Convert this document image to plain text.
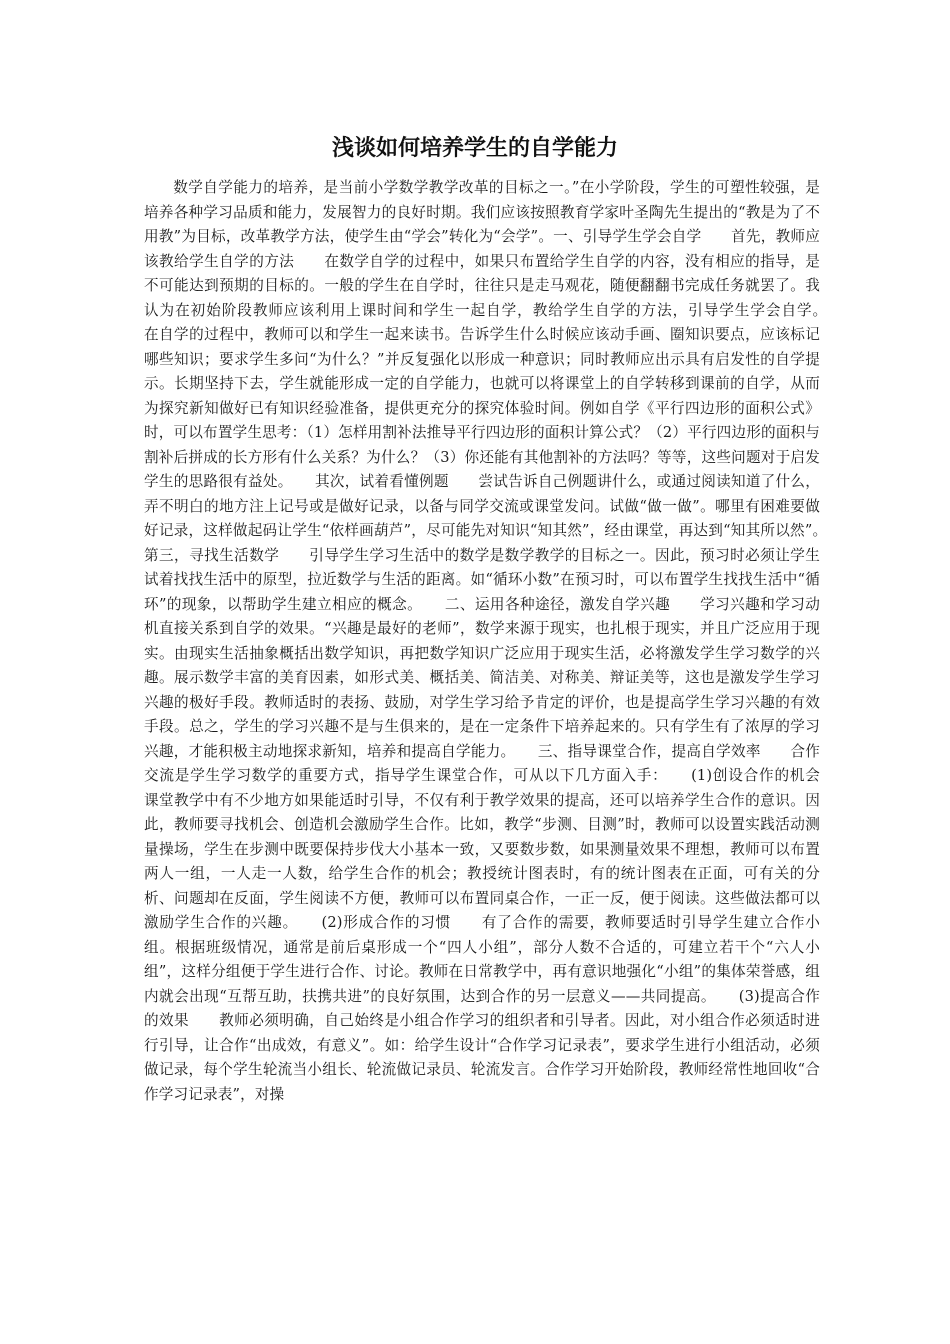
浅谈如何培养学生的自学能力

数学自学能力的培养，是当前小学数学教学改革的目标之一。”在小学阶段，学生的可塑性较强，是培养各种学习品质和能力，发展智力的良好时期。我们应该按照教育学家叶圣陶先生提出的“教是为了不用教”为目标，改革教学方法，使学生由“学会”转化为“会学”。一、引导学生学会自学　　首先，教师应该教给学生自学的方法　　在数学自学的过程中，如果只布置给学生自学的内容，没有相应的指导，是不可能达到预期的目标的。一般的学生在自学时，往往只是走马观花，随便翻翻书完成任务就罢了。我认为在初始阶段教师应该利用上课时间和学生一起自学，教给学生自学的方法，引导学生学会自学。　　在自学的过程中，教师可以和学生一起来读书。告诉学生什么时候应该动手画、圈知识要点，应该标记哪些知识；要求学生多问“为什么？”并反复强化以形成一种意识；同时教师应出示具有启发性的自学提示。长期坚持下去，学生就能形成一定的自学能力，也就可以将课堂上的自学转移到课前的自学，从而为探究新知做好已有知识经验准备，提供更充分的探究体验时间。例如自学《平行四边形的面积公式》时，可以布置学生思考：（1）怎样用割补法推导平行四边形的面积计算公式？（2）平行四边形的面积与割补后拼成的长方形有什么关系？为什么？（3）你还能有其他割补的方法吗？等等，这些问题对于启发学生的思路很有益处。　　其次，试着看懂例题　　尝试告诉自己例题讲什么，或通过阅读知道了什么，弄不明白的地方注上记号或是做好记录，以备与同学交流或课堂发问。试做“做一做”。哪里有困难要做好记录，这样做起码让学生“依样画葫芦”，尽可能先对知识“知其然”，经由课堂，再达到“知其所以然”。　　第三，寻找生活数学　　引导学生学习生活中的数学是数学教学的目标之一。因此，预习时必须让学生试着找找生活中的原型，拉近数学与生活的距离。如“循环小数”在预习时，可以布置学生找找生活中“循环”的现象，以帮助学生建立相应的概念。　　二、运用各种途径，激发自学兴趣　　学习兴趣和学习动机直接关系到自学的效果。“兴趣是最好的老师”，数学来源于现实，也扎根于现实，并且广泛应用于现实。由现实生活抽象概括出数学知识，再把数学知识广泛应用于现实生活，必将激发学生学习数学的兴趣。展示数学丰富的美育因素，如形式美、概括美、简洁美、对称美、辩证美等，这也是激发学生学习兴趣的极好手段。教师适时的表扬、鼓励，对学生学习给予肯定的评价，也是提高学生学习兴趣的有效手段。总之，学生的学习兴趣不是与生俱来的，是在一定条件下培养起来的。只有学生有了浓厚的学习兴趣，才能积极主动地探求新知，培养和提高自学能力。　　三、指导课堂合作，提高自学效率　　合作交流是学生学习数学的重要方式，指导学生课堂合作，可从以下几方面入手：　　(1)创设合作的机会　　课堂教学中有不少地方如果能适时引导，不仅有利于教学效果的提高，还可以培养学生合作的意识。因此，教师要寻找机会、创造机会激励学生合作。比如，教学“步测、目测”时，教师可以设置实践活动测量操场，学生在步测中既要保持步伐大小基本一致，又要数步数，如果测量效果不理想，教师可以布置两人一组，一人走一人数，给学生合作的机会；教授统计图表时，有的统计图表在正面，可有关的分析、问题却在反面，学生阅读不方便，教师可以布置同桌合作，一正一反，便于阅读。这些做法都可以激励学生合作的兴趣。　　(2)形成合作的习惯　　有了合作的需要，教师要适时引导学生建立合作小组。根据班级情况，通常是前后桌形成一个“四人小组”，部分人数不合适的，可建立若干个“六人小组”，这样分组便于学生进行合作、讨论。教师在日常教学中，再有意识地强化“小组”的集体荣誉感，组内就会出现“互帮互助，扶携共进”的良好氛围，达到合作的另一层意义——共同提高。　　(3)提高合作的效果　　教师必须明确，自己始终是小组合作学习的组织者和引导者。因此，对小组合作必须适时进行引导，让合作“出成效，有意义”。如：给学生设计“合作学习记录表”，要求学生进行小组活动，必须做记录，每个学生轮流当小组长、轮流做记录员、轮流发言。合作学习开始阶段，教师经常性地回收“合作学习记录表”，对操
